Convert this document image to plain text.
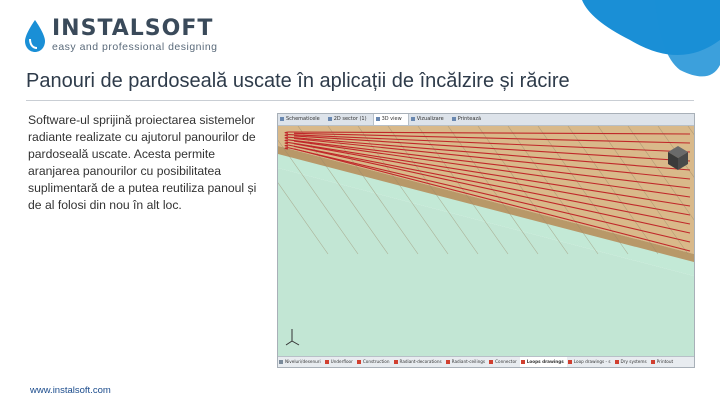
INSTALSOFT
easy and professional designing
Panouri de pardoseală uscate în aplicații de încălzire și răcire
Software-ul sprijină proiectarea sistemelor radiante realizate cu ajutorul panourilor de pardoseală uscate. Acesta permite aranjarea panourilor cu posibilitatea suplimentară de a putea reutiliza panoul și de al folosi din nou în alt loc.
Schematicele	2D sector (1)	3D view	Vizualizare	Printează
Niveluri/desenuri	Underfloor	Construction	Radiant-decorations	Radiant-ceilings	Connector	Loops drawings	Loop drawings - s	Dry systems	Printout
www.instalsoft.com
